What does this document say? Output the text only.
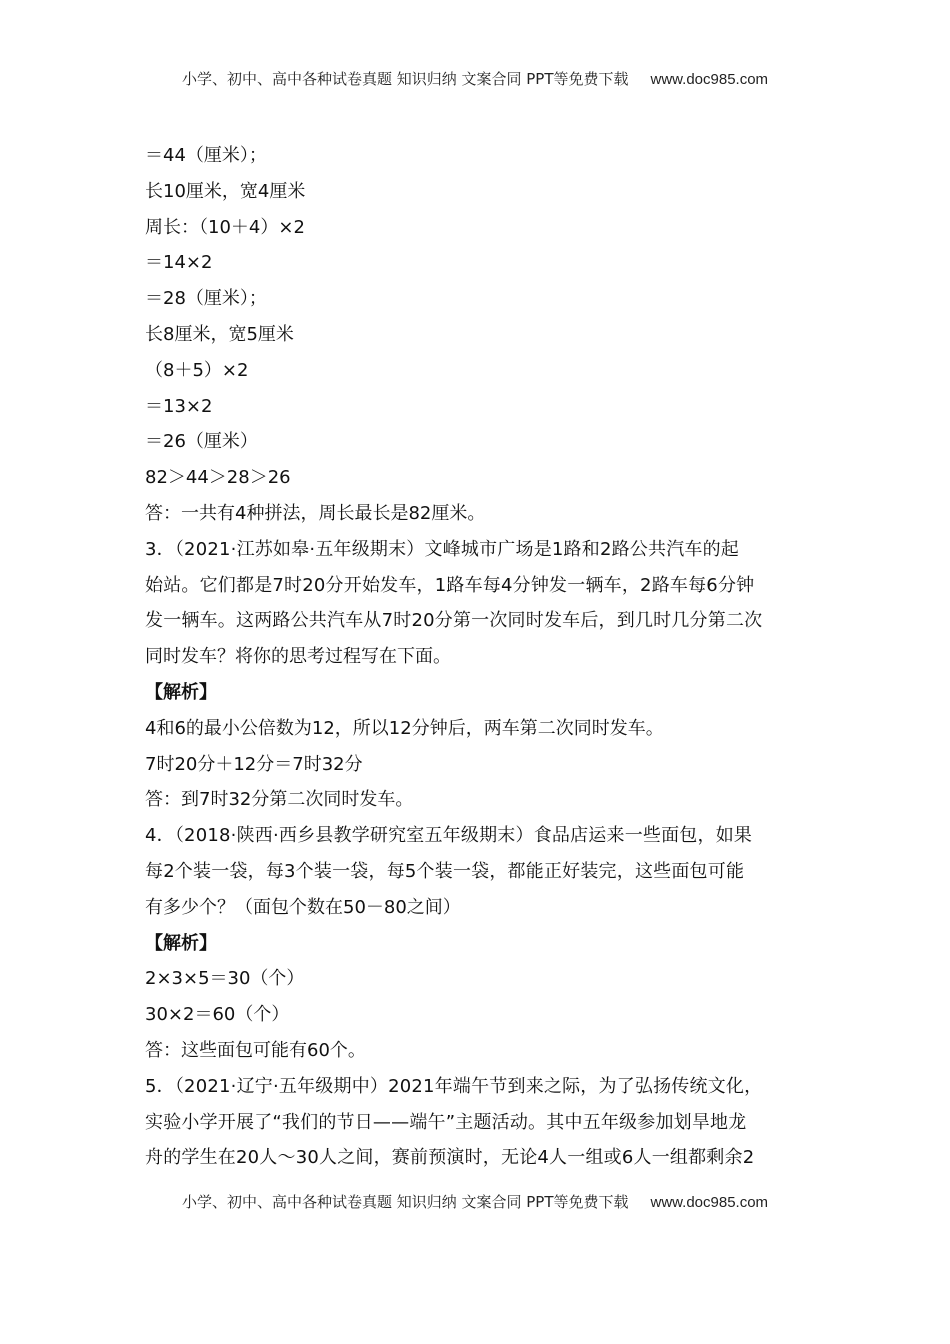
小学、初中、高中各种试卷真题 知识归纳 文案合同 PPT等免费下载 www.doc985.com
＝44（厘米）；
长10厘米，宽4厘米
周长：（10＋4）×2
＝14×2
＝28（厘米）；
长8厘米，宽5厘米
（8＋5）×2
＝13×2
＝26（厘米）
82＞44＞28＞26
答：一共有4种拼法，周长最长是82厘米。
3．（2021·江苏如皋·五年级期末）文峰城市广场是1路和2路公共汽车的起
始站。它们都是7时20分开始发车，1路车每4分钟发一辆车，2路车每6分钟
发一辆车。这两路公共汽车从7时20分第一次同时发车后，到几时几分第二次
同时发车？将你的思考过程写在下面。
【解析】
4和6的最小公倍数为12，所以12分钟后，两车第二次同时发车。
7时20分＋12分＝7时32分
答：到7时32分第二次同时发车。
4．（2018·陕西·西乡县教学研究室五年级期末）食品店运来一些面包，如果
每2个装一袋，每3个装一袋，每5个装一袋，都能正好装完，这些面包可能
有多少个？（面包个数在50－80之间）
【解析】
2×3×5＝30（个）
30×2＝60（个）
答：这些面包可能有60个。
5．（2021·辽宁·五年级期中）2021年端午节到来之际，为了弘扬传统文化，
实验小学开展了“我们的节日——端午”主题活动。其中五年级参加划旱地龙
舟的学生在20人～30人之间，赛前预演时，无论4人一组或6人一组都剩余2
小学、初中、高中各种试卷真题 知识归纳 文案合同 PPT等免费下载 www.doc985.com
